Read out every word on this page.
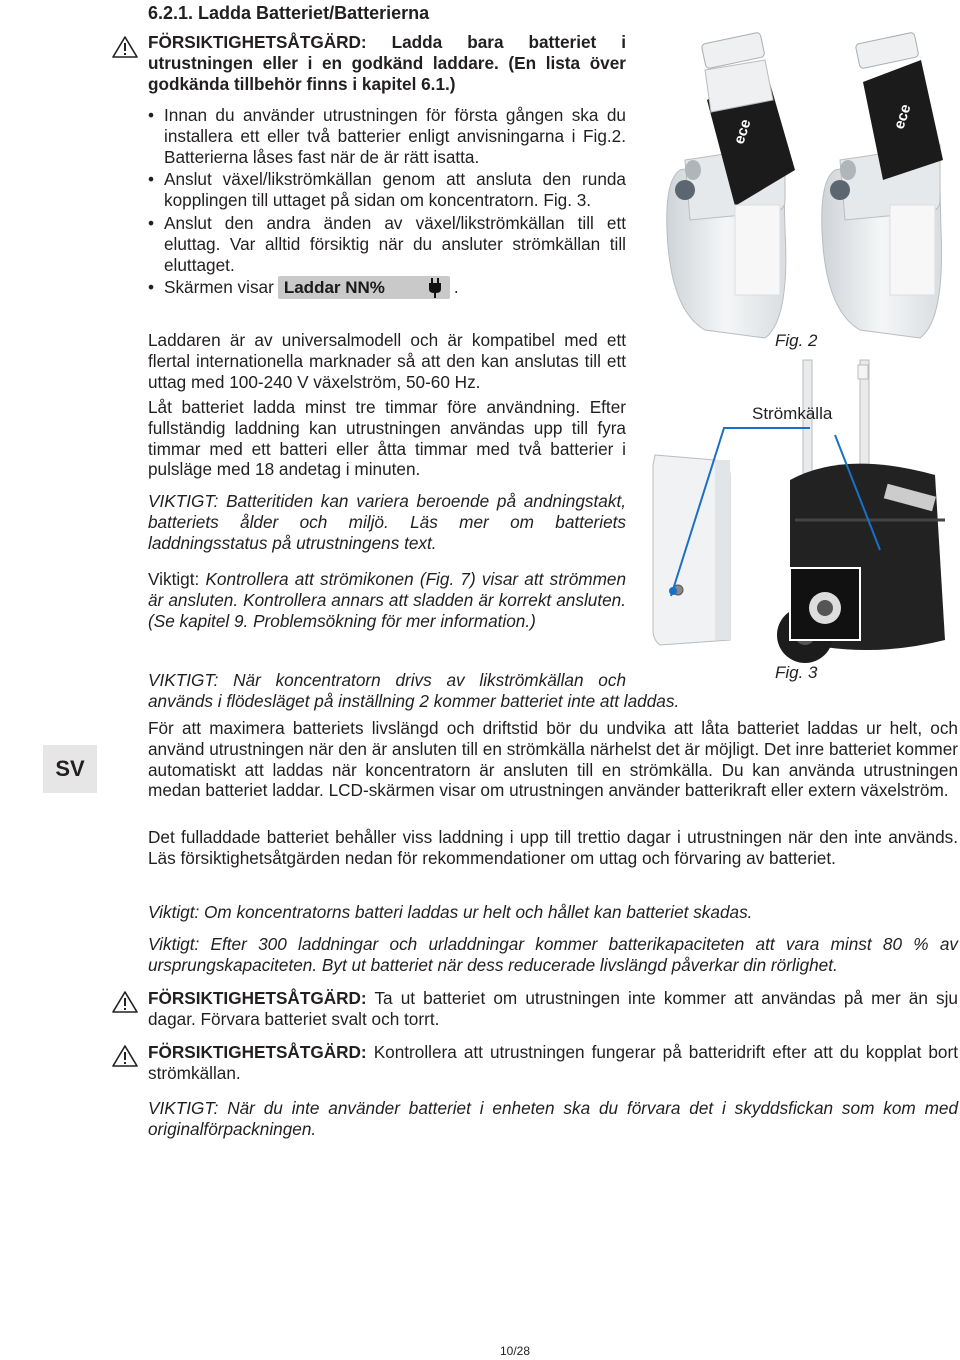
6.2.1. Ladda Batteriet/Batterierna
FÖRSIKTIGHETSÅTGÄRD: Ladda bara batteriet i utrustningen eller i en godkänd laddare. (En lista över godkända tillbehör finns i kapitel 6.1.)
• Innan du använder utrustningen för första gången ska du installera ett eller två batterier enligt anvisningarna i Fig.2. Batterierna låses fast när de är rätt isatta.
• Anslut växel/likströmkällan genom att ansluta den runda kopplingen till uttaget på sidan om koncentratorn. Fig. 3.
• Anslut den andra änden av växel/likströmkällan till ett eluttag. Var alltid försiktig när du ansluter strömkällan till eluttaget.
• Skärmen visar Laddar NN%	.
Laddaren är av universalmodell och är kompatibel med ett flertal internationella marknader så att den kan anslutas till ett uttag med 100-240 V växelström, 50-60 Hz.
Låt batteriet ladda minst tre timmar före användning. Efter fullständig laddning kan utrustningen användas upp till fyra timmar med ett batteri eller åtta timmar med två batterier i pulsläge med 18 andetag i minuten.
VIKTIGT: Batteritiden kan variera beroende på andningstakt, batteriets ålder och miljö. Läs mer om batteriets laddningsstatus på utrustningens text.
Viktigt: Kontrollera att strömikonen (Fig. 7) visar att strömmen är ansluten. Kontrollera annars att sladden är korrekt ansluten. (Se kapitel 9. Problemsökning för mer information.)
VIKTIGT: När koncentratorn drivs av likströmkällan och
används i flödesläget på inställning 2 kommer batteriet inte att laddas.
För att maximera batteriets livslängd och driftstid bör du undvika att låta batteriet laddas ur helt, och använd utrustningen när den är ansluten till en strömkälla närhelst det är möjligt. Det inre batteriet kommer automatiskt att laddas när koncentratorn är ansluten till en strömkälla. Du kan använda utrustningen medan batteriet laddar. LCD-skärmen visar om utrustningen använder batterikraft eller extern växelström.
Det fulladdade batteriet behåller viss laddning i upp till trettio dagar i utrustningen när den inte används. Läs försiktighetsåtgärden nedan för rekommendationer om uttag och förvaring av batteriet.
Viktigt: Om koncentratorns batteri laddas ur helt och hållet kan batteriet skadas.
Viktigt: Efter 300 laddningar och urladdningar kommer batterikapaciteten att vara minst 80 % av ursprungskapaciteten. Byt ut batteriet när dess reducerade livslängd påverkar din rörlighet.
FÖRSIKTIGHETSÅTGÄRD: Ta ut batteriet om utrustningen inte kommer att användas på mer än sju dagar. Förvara batteriet svalt och torrt.
FÖRSIKTIGHETSÅTGÄRD: Kontrollera att utrustningen fungerar på batteridrift efter att du kopplat bort strömkällan.
VIKTIGT: När du inte använder batteriet i enheten ska du förvara det i skyddsfickan som kom med originalförpackningen.
SV
10/28
ece
ece
Fig. 2
Strömkälla
Fig. 3
